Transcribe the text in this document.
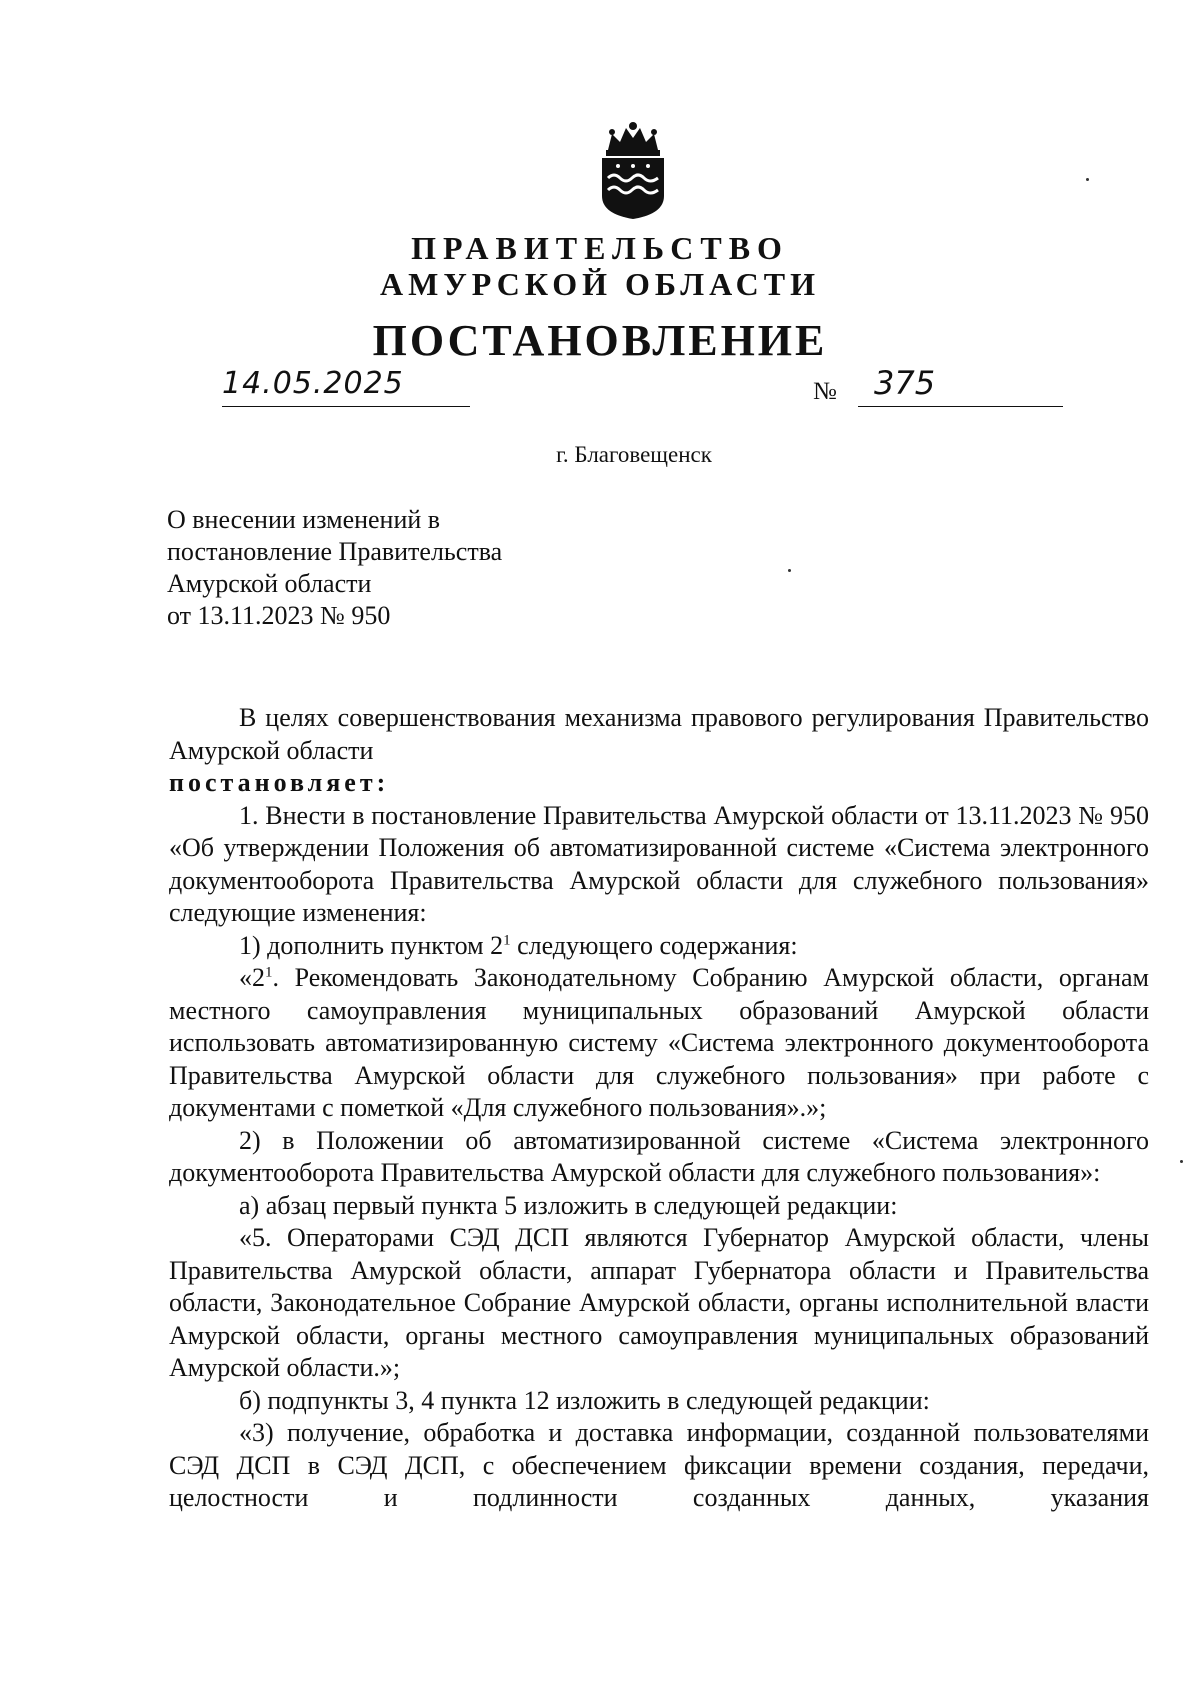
ПРАВИТЕЛЬСТВО
АМУРСКОЙ ОБЛАСТИ
ПОСТАНОВЛЕНИЕ
14.05.2025	№ 375
г. Благовещенск
О внесении изменений в
постановление Правительства
Амурской области
от 13.11.2023 № 950
В целях совершенствования механизма правового регулирования Правительство Амурской области
постановляет:
1. Внести в постановление Правительства Амурской области от 13.11.2023 № 950 «Об утверждении Положения об автоматизированной системе «Система электронного документооборота Правительства Амурской области для служебного пользования» следующие изменения:
1) дополнить пунктом $2^1$ следующего содержания:
«$2^1$. Рекомендовать Законодательному Собранию Амурской области, органам местного самоуправления муниципальных образований Амурской области использовать автоматизированную систему «Система электронного документооборота Правительства Амурской области для служебного пользования» при работе с документами с пометкой «Для служебного пользования».»;
2) в Положении об автоматизированной системе «Система электронного документооборота Правительства Амурской области для служебного пользования»:
а) абзац первый пункта 5 изложить в следующей редакции:
«5. Операторами СЭД ДСП являются Губернатор Амурской области, члены Правительства Амурской области, аппарат Губернатора области и Правительства области, Законодательное Собрание Амурской области, органы исполнительной власти Амурской области, органы местного самоуправления муниципальных образований Амурской области.»;
б) подпункты 3, 4 пункта 12 изложить в следующей редакции:
«3) получение, обработка и доставка информации, созданной пользователями СЭД ДСП в СЭД ДСП, с обеспечением фиксации времени создания, передачи, целостности и подлинности созданных данных, указания
